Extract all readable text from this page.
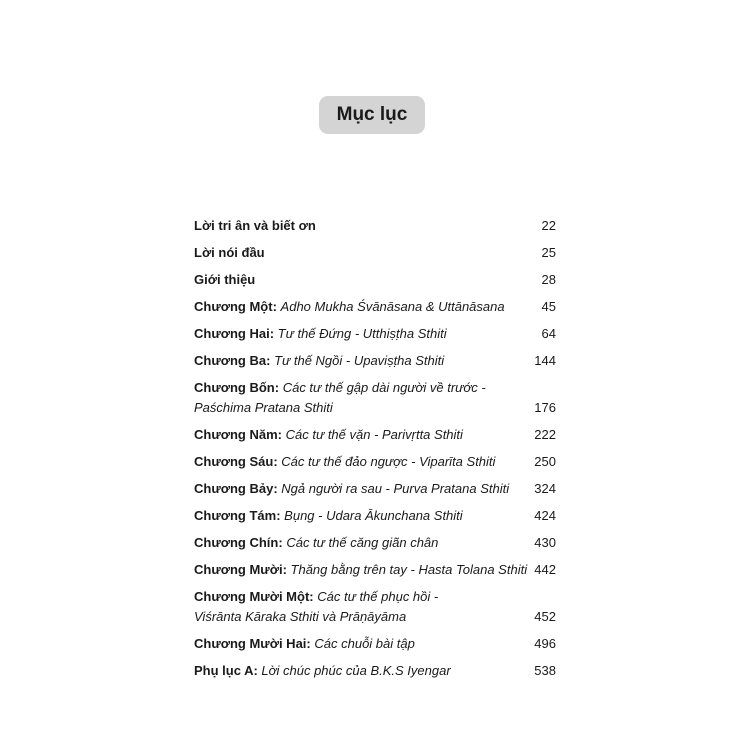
Mục lục
Lời tri ân và biết ơn	22
Lời nói đầu	25
Giới thiệu	28
Chương Một: Adho Mukha Śvānāsana & Uttānāsana	45
Chương Hai: Tư thế Đứng - Utthiṣṭha Sthiti	64
Chương Ba: Tư thế Ngồi - Upaviṣṭha Sthiti	144
Chương Bốn: Các tư thế gập dài người về trước -
Paśchima Pratana Sthiti	176
Chương Năm: Các tư thế vặn - Parivṛtta Sthiti	222
Chương Sáu: Các tư thế đảo ngược - Viparīta Sthiti	250
Chương Bảy: Ngả người ra sau - Purva Pratana Sthiti 324
Chương Tám: Bụng - Udara Ākunchana Sthiti	424
Chương Chín: Các tư thế căng giãn chân	430
Chương Mười: Thăng bằng trên tay - Hasta Tolana Sthiti 442
Chương Mười Một: Các tư thế phục hồi -
Viśrānta Kāraka Sthiti và Prāṇāyāma	452
Chương Mười Hai: Các chuỗi bài tập	496
Phụ lục A: Lời chúc phúc của B.K.S Iyengar	538
